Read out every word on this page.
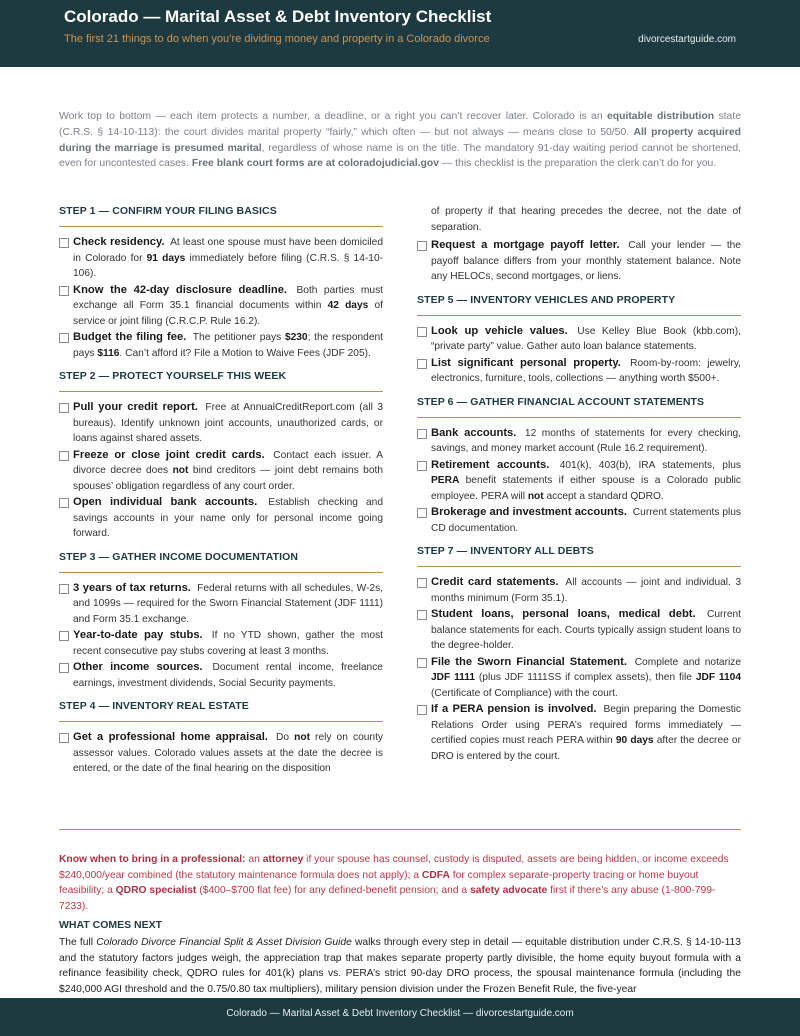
Colorado — Marital Asset & Debt Inventory Checklist
The first 21 things to do when you’re dividing money and property in a Colorado divorce	divorcestartguide.com
Work top to bottom — each item protects a number, a deadline, or a right you can’t recover later. Colorado is an equitable distribution state (C.R.S. § 14-10-113): the court divides marital property “fairly,” which often — but not always — means close to 50/50. All property acquired during the marriage is presumed marital, regardless of whose name is on the title. The mandatory 91-day waiting period cannot be shortened, even for uncontested cases. Free blank court forms are at coloradojudicial.gov — this checklist is the preparation the clerk can’t do for you.
STEP 1 — CONFIRM YOUR FILING BASICS
Check residency. At least one spouse must have been domiciled in Colorado for 91 days immediately before filing (C.R.S. § 14-10-106).
Know the 42-day disclosure deadline. Both parties must exchange all Form 35.1 financial documents within 42 days of service or joint filing (C.R.C.P. Rule 16.2).
Budget the filing fee. The petitioner pays $230; the respondent pays $116. Can’t afford it? File a Motion to Waive Fees (JDF 205).
STEP 2 — PROTECT YOURSELF THIS WEEK
Pull your credit report. Free at AnnualCreditReport.com (all 3 bureaus). Identify unknown joint accounts, unauthorized cards, or loans against shared assets.
Freeze or close joint credit cards. Contact each issuer. A divorce decree does not bind creditors — joint debt remains both spouses’ obligation regardless of any court order.
Open individual bank accounts. Establish checking and savings accounts in your name only for personal income going forward.
STEP 3 — GATHER INCOME DOCUMENTATION
3 years of tax returns. Federal returns with all schedules, W-2s, and 1099s — required for the Sworn Financial Statement (JDF 1111) and Form 35.1 exchange.
Year-to-date pay stubs. If no YTD shown, gather the most recent consecutive pay stubs covering at least 3 months.
Other income sources. Document rental income, freelance earnings, investment dividends, Social Security payments.
STEP 4 — INVENTORY REAL ESTATE
Get a professional home appraisal. Do not rely on county assessor values. Colorado values assets at the date the decree is entered, or the date of the final hearing on the disposition
of property if that hearing precedes the decree, not the date of separation.
Request a mortgage payoff letter. Call your lender — the payoff balance differs from your monthly statement balance. Note any HELOCs, second mortgages, or liens.
STEP 5 — INVENTORY VEHICLES AND PROPERTY
Look up vehicle values. Use Kelley Blue Book (kbb.com), “private party” value. Gather auto loan balance statements.
List significant personal property. Room-by-room: jewelry, electronics, furniture, tools, collections — anything worth $500+.
STEP 6 — GATHER FINANCIAL ACCOUNT STATEMENTS
Bank accounts. 12 months of statements for every checking, savings, and money market account (Rule 16.2 requirement).
Retirement accounts. 401(k), 403(b), IRA statements, plus PERA benefit statements if either spouse is a Colorado public employee. PERA will not accept a standard QDRO.
Brokerage and investment accounts. Current statements plus CD documentation.
STEP 7 — INVENTORY ALL DEBTS
Credit card statements. All accounts — joint and individual. 3 months minimum (Form 35.1).
Student loans, personal loans, medical debt. Current balance statements for each. Courts typically assign student loans to the degree-holder.
File the Sworn Financial Statement. Complete and notarize JDF 1111 (plus JDF 1111SS if complex assets), then file JDF 1104 (Certificate of Compliance) with the court.
If a PERA pension is involved. Begin preparing the Domestic Relations Order using PERA’s required forms immediately — certified copies must reach PERA within 90 days after the decree or DRO is entered by the court.
Know when to bring in a professional: an attorney if your spouse has counsel, custody is disputed, assets are being hidden, or income exceeds $240,000/year combined (the statutory maintenance formula does not apply); a CDFA for complex separate-property tracing or home buyout feasibility; a QDRO specialist ($400–$700 flat fee) for any defined-benefit pension; and a safety advocate first if there’s any abuse (1-800-799-7233).
WHAT COMES NEXT
The full Colorado Divorce Financial Split & Asset Division Guide walks through every step in detail — equitable distribution under C.R.S. § 14-10-113 and the statutory factors judges weigh, the appreciation trap that makes separate property partly divisible, the home equity buyout formula with a refinance feasibility check, QDRO rules for 401(k) plans vs. PERA’s strict 90-day DRO process, the spousal maintenance formula (including the $240,000 AGI threshold and the 0.75/0.80 tax multipliers), military pension division under the Frozen Benefit Rule, the five-year
Colorado — Marital Asset & Debt Inventory Checklist — divorcestartguide.com
